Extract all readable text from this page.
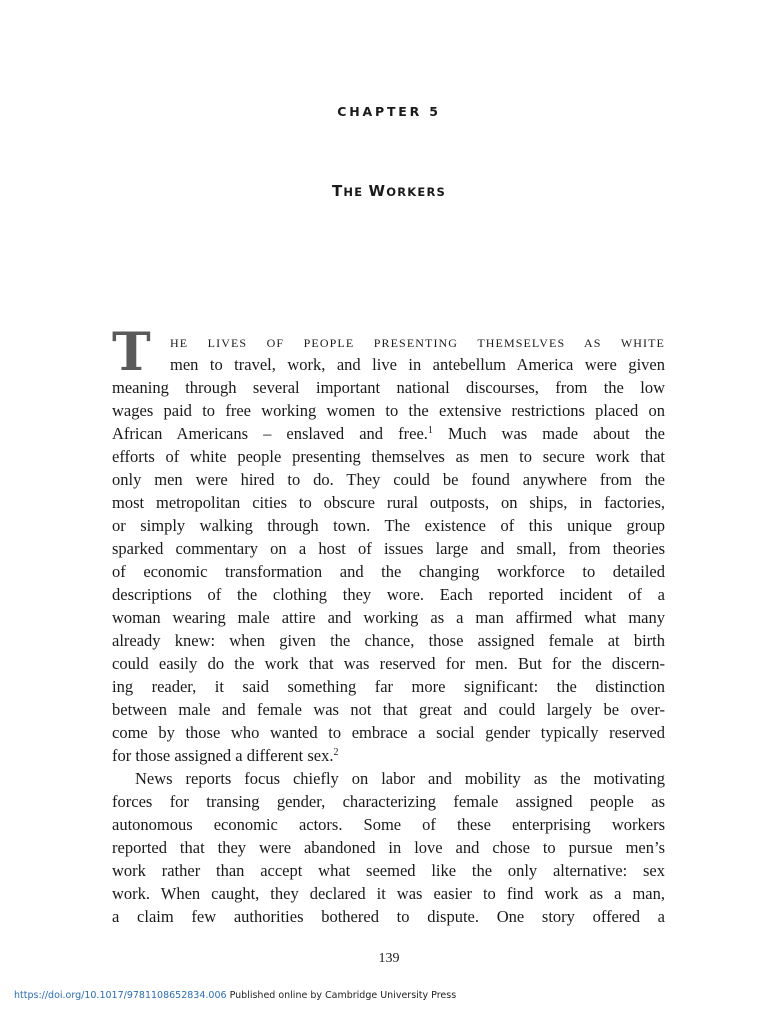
CHAPTER 5
THE WORKERS
T	HE LIVES OF PEOPLE PRESENTING THEMSELVES AS WHITE
men to travel, work, and live in antebellum America were given
meaning through several important national discourses, from the low
wages paid to free working women to the extensive restrictions placed on
African Americans – enslaved and free.$^1$ Much was made about the
efforts of white people presenting themselves as men to secure work that
only men were hired to do. They could be found anywhere from the
most metropolitan cities to obscure rural outposts, on ships, in factories,
or simply walking through town. The existence of this unique group
sparked commentary on a host of issues large and small, from theories
of economic transformation and the changing workforce to detailed
descriptions of the clothing they wore. Each reported incident of a
woman wearing male attire and working as a man affirmed what many
already knew: when given the chance, those assigned female at birth
could easily do the work that was reserved for men. But for the discern-
ing reader, it said something far more significant: the distinction
between male and female was not that great and could largely be over-
come by those who wanted to embrace a social gender typically reserved
for those assigned a different sex.$^2$
News reports focus chiefly on labor and mobility as the motivating
forces for transing gender, characterizing female assigned people as
autonomous economic actors. Some of these enterprising workers
reported that they were abandoned in love and chose to pursue men’s
work rather than accept what seemed like the only alternative: sex
work. When caught, they declared it was easier to find work as a man,
a claim few authorities bothered to dispute. One story offered a
139
https://doi.org/10.1017/9781108652834.006 Published online by Cambridge University Press
